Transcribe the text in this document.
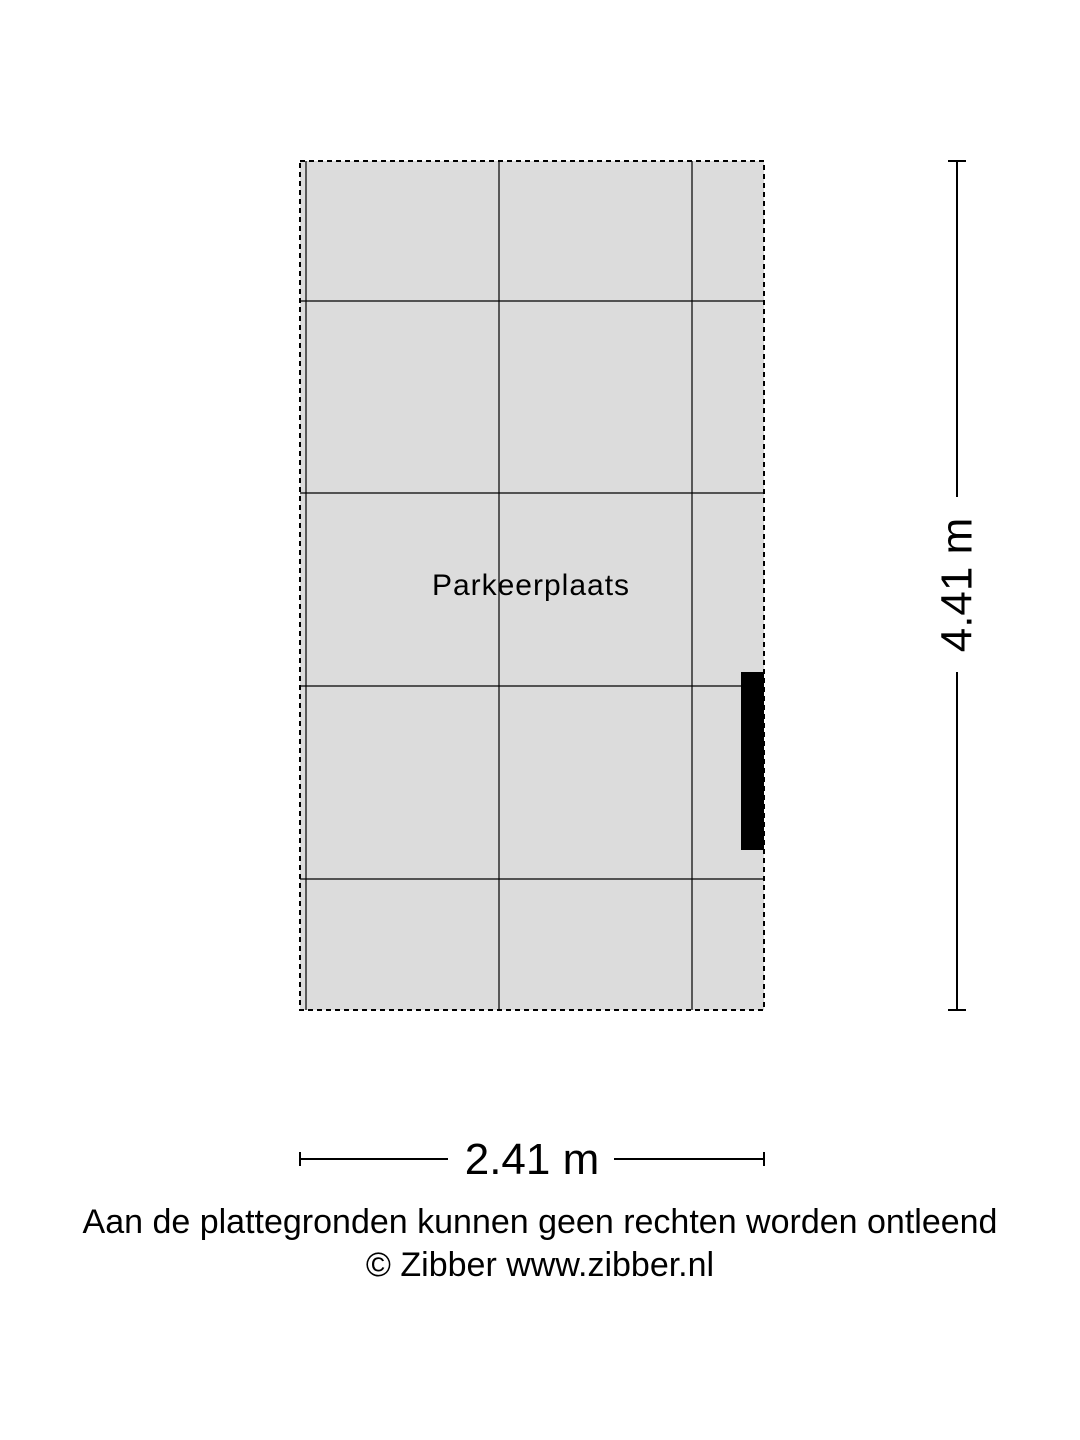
Parkeerplaats	4.41 m
2.41 m

Aan de plattegronden kunnen geen rechten worden ontleend

© Zibber www.zibber.nl
